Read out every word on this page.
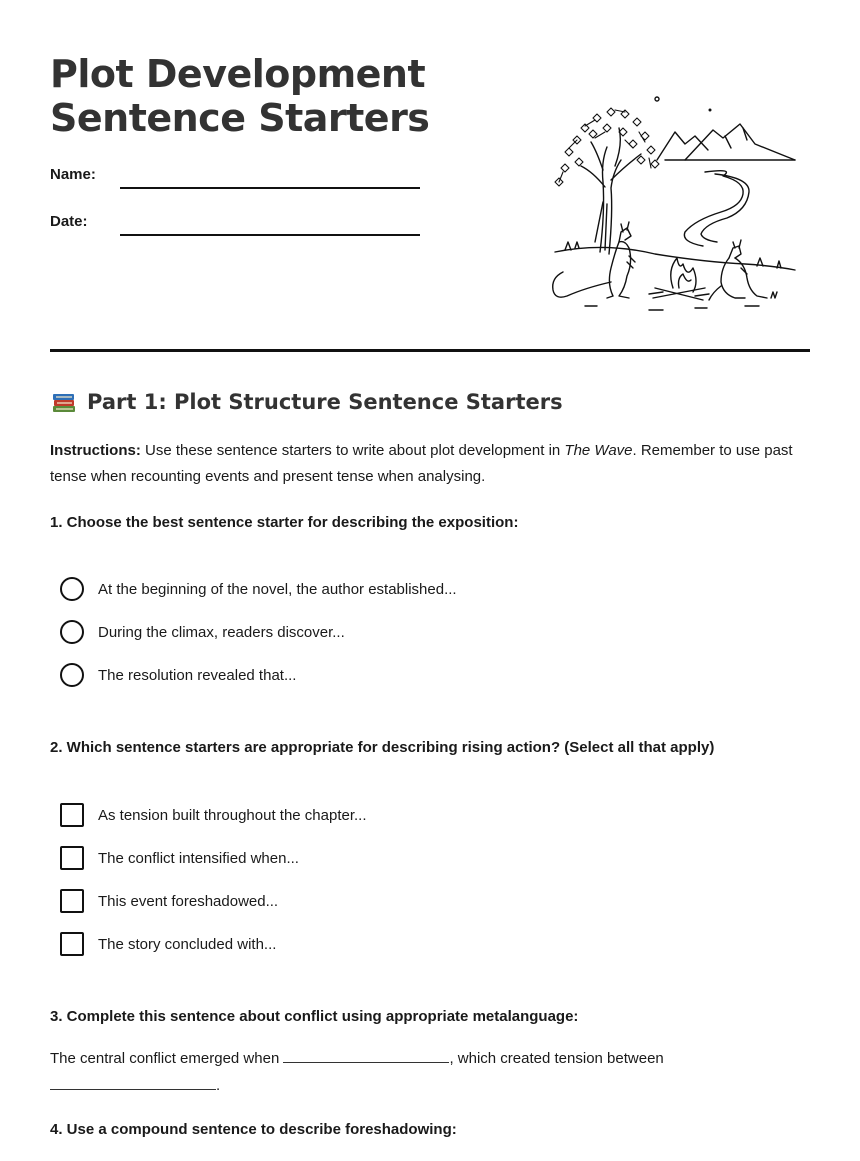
Plot Development
Sentence Starters
Name:
Date:
Part 1: Plot Structure Sentence Starters

Instructions: Use these sentence starters to write about plot development in The Wave. Remember to use past tense when recounting events and present tense when analysing.

1. Choose the best sentence starter for describing the exposition:

At the beginning of the novel, the author established...
During the climax, readers discover...
The resolution revealed that...

2. Which sentence starters are appropriate for describing rising action? (Select all that apply)

As tension built throughout the chapter...
The conflict intensified when...
This event foreshadowed...
The story concluded with...

3. Complete this sentence about conflict using appropriate metalanguage:

The central conflict emerged when	, which created tension between .

4. Use a compound sentence to describe foreshadowing:
